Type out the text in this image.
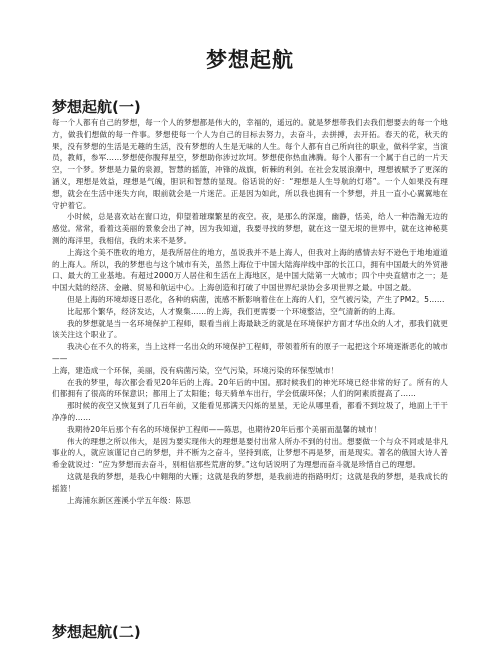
梦想起航
梦想起航(一)

每一个人都有自己的梦想，每一个人的梦想都是伟大的，幸福的，遥远的。就是梦想带我们去我们想要去的每一个地方，做我们想做的每一件事。梦想使每一个人为自己的目标去努力，去奋斗，去拼搏，去开拓。春天的花，秋天的果，没有梦想的生活是无趣的生活，没有梦想的人生是无味的人生。每个人都有自己所向往的职业，做科学家，当演员，教师，参军……梦想使你腹拜星空，梦想助你涉过坎坷。梦想使你热血沸腾。每个人都有一个属于自己的一片天空，一个梦。梦想是力量的泉源，智慧的摇篮，冲锋的战旗，斩棘的利剑。在社会发展浪潮中，理想被赋予了更深的涵义，理想是效益，理想是气魄，胆识和智慧的显现。俗话说的好：“理想是人生导航的灯塔”。一个人如果没有理想，就会在生活中迷失方向，眼前就会是一片迷茫。正是因为如此，所以我也拥有一个梦想，并且一直小心翼翼地在守护着它。

小时候，总是喜欢站在窗口边，仰望着璀璨繁星的夜空。夜，是那么的深邃，幽静，恬美，给人一种浩瀚无边的感觉。常常，看着这美丽的景象会出了神，因为我知道，我要寻找的梦想，就在这一望无垠的世界中，就在这神秘莫测的海洋里，我相信，我的未来不是梦。

上海这个美不胜收的地方，是我所居住的地方，虽说我并不是上海人，但我对上海的感情去好不逊色于地地道道的上海人。所以，我的梦想也与这个城市有关，虽然上海位于中国大陆海岸线中部的长江口，拥有中国最大的外贸港口、最大的工业基地。有超过2000万人居住和生活在上海地区，是中国大陆第一大城市；四个中央直辖市之一；是中国大陆的经济、金融、贸易和航运中心。上海创造和打破了中国世界纪录协会多项世界之最。中国之最。

但是上海的环境却逐日恶化，各种的病菌，流感不断影响着住在上海的人们，空气被污染，产生了PM2。5……

比起那个繁华，经济发达，人才聚集……的上海，我们更需要一个环境整洁，空气清新的的上海。

我的梦想就是当一名环境保护工程师，眼看当前上海最缺乏的就是在环境保护方面才华出众的人才，那我们就更该关注这个职业了。

我决心在不久的将来，当上这样一名出众的环境保护工程师，带领着所有的原子一起把这个环境逐渐恶化的城市——

上海，建造成一个环保，美丽，没有病菌污染，空气污染，环境污染的环保型城市！

在我的梦里，每次都会看见20年后的上海。20年后的中国。那时候我们的神光环境已经非常的好了。所有的人们都拥有了很高的环保意识；都用上了太阳能；每天骑单车出行，学会低碳环保；人们的阿素质提高了……

那时候的夜空又恢复到了几百年前，又能看见那满天闪烁的星星，无论从哪里看，都看不到垃圾了，地面上干干净净的……

我期待20年后那个有名的环境保护工程师——陈思，也期待20年后那个美丽而温馨的城市！

伟大的理想之所以伟大，是因为要实现伟大的理想是要付出常人所办不到的付出。想要做一个与众不同或是非凡事业的人，就应该谨记自己的梦想，并不断为之奋斗，坚持到底，让梦想不再是梦，而是现实。著名的俄国大诗人普希金就说过：“应为梦想而去奋斗，别相信那些荒唐的梦。”这句话说明了为理想而奋斗就是珍惜自己的理想。

这就是我的梦想，是我心中翱翔的大雁；这就是我的梦想，是我前进的指路明灯；这就是我的梦想，是我成长的摇篮！

上海浦东新区莲溪小学五年级：陈思

梦想起航(二)
